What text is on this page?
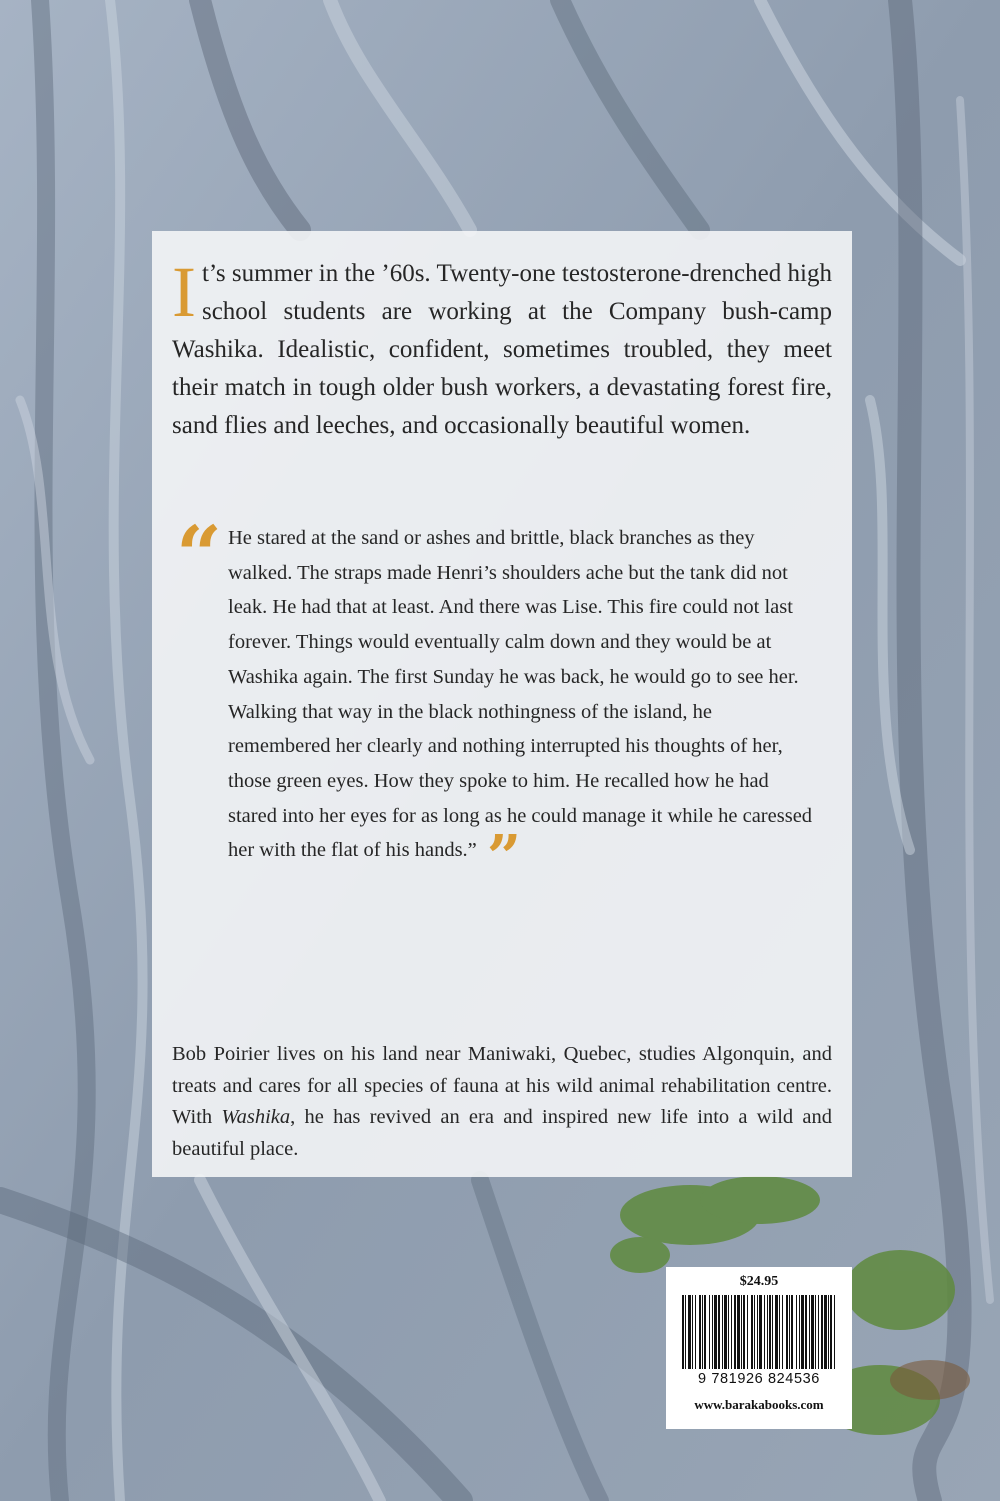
It’s summer in the ’60s. Twenty-one testosterone-drenched high school students are working at the Company bush-camp Washika. Idealistic, confident, sometimes troubled, they meet their match in tough older bush workers, a devastating forest fire, sand flies and leeches, and occasionally beautiful women.

“ He stared at the sand or ashes and brittle, black branches as they walked. The straps made Henri’s shoulders ache but the tank did not leak. He had that at least. And there was Lise. This fire could not last forever. Things would eventually calm down and they would be at Washika again. The first Sunday he was back, he would go to see her. Walking that way in the black nothingness of the island, he remembered her clearly and nothing interrupted his thoughts of her, those green eyes. How they spoke to him. He recalled how he had stared into her eyes for as long as he could manage it while he caressed her with the flat of his hands.” ”

Bob Poirier lives on his land near Maniwaki, Quebec, studies Algonquin, and treats and cares for all species of fauna at his wild animal rehabilitation centre. With Washika, he has revived an era and inspired new life into a wild and beautiful place.

$24.95
9 781926 824536
www.barakabooks.com
